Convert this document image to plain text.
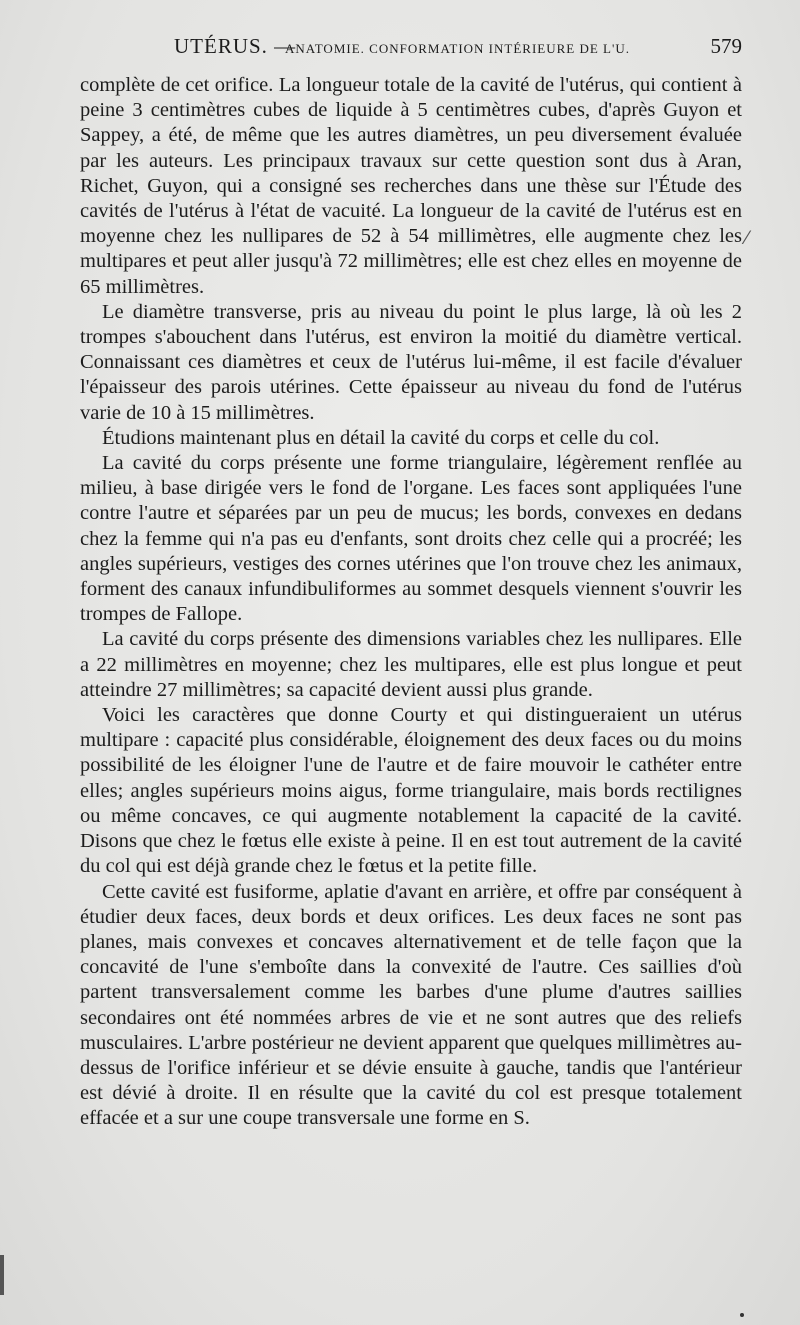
UTÉRUS. —
ANATOMIE. CONFORMATION INTÉRIEURE DE L'U.	579

complète de cet orifice. La longueur totale de la cavité de l'utérus, qui contient à peine 3 centimètres cubes de liquide à 5 centimètres cubes, d'après Guyon et Sappey, a été, de même que les autres diamètres, un peu diversement évaluée par les auteurs. Les principaux travaux sur cette question sont dus à Aran, Richet, Guyon, qui a consigné ses recherches dans une thèse sur l'Étude des cavités de l'utérus à l'état de vacuité. La longueur de la cavité de l'utérus est en moyenne chez les nullipares de 52 à 54 millimètres, elle augmente chez les multipares et peut aller jusqu'à 72 millimètres; elle est chez elles en moyenne de 65 millimètres.

Le diamètre transverse, pris au niveau du point le plus large, là où les 2 trompes s'abouchent dans l'utérus, est environ la moitié du diamètre vertical. Connaissant ces diamètres et ceux de l'utérus lui-même, il est facile d'évaluer l'épaisseur des parois utérines. Cette épaisseur au niveau du fond de l'utérus varie de 10 à 15 millimètres.

Étudions maintenant plus en détail la cavité du corps et celle du col.

La cavité du corps présente une forme triangulaire, légèrement renflée au milieu, à base dirigée vers le fond de l'organe. Les faces sont appliquées l'une contre l'autre et séparées par un peu de mucus; les bords, convexes en dedans chez la femme qui n'a pas eu d'enfants, sont droits chez celle qui a procréé; les angles supérieurs, vestiges des cornes utérines que l'on trouve chez les animaux, forment des canaux infundibuliformes au sommet desquels viennent s'ouvrir les trompes de Fallope.

La cavité du corps présente des dimensions variables chez les nullipares. Elle a 22 millimètres en moyenne; chez les multipares, elle est plus longue et peut atteindre 27 millimètres; sa capacité devient aussi plus grande.

Voici les caractères que donne Courty et qui distingueraient un utérus multipare : capacité plus considérable, éloignement des deux faces ou du moins possibilité de les éloigner l'une de l'autre et de faire mouvoir le cathéter entre elles; angles supérieurs moins aigus, forme triangulaire, mais bords rectilignes ou même concaves, ce qui augmente notablement la capacité de la cavité. Disons que chez le fœtus elle existe à peine. Il en est tout autrement de la cavité du col qui est déjà grande chez le fœtus et la petite fille.

Cette cavité est fusiforme, aplatie d'avant en arrière, et offre par conséquent à étudier deux faces, deux bords et deux orifices. Les deux faces ne sont pas planes, mais convexes et concaves alternativement et de telle façon que la concavité de l'une s'emboîte dans la convexité de l'autre. Ces saillies d'où partent transversalement comme les barbes d'une plume d'autres saillies secondaires ont été nommées arbres de vie et ne sont autres que des reliefs musculaires. L'arbre postérieur ne devient apparent que quelques millimètres au-dessus de l'orifice inférieur et se dévie ensuite à gauche, tandis que l'antérieur est dévié à droite. Il en résulte que la cavité du col est presque totalement effacée et a sur une coupe transversale une forme en S.

⁄
